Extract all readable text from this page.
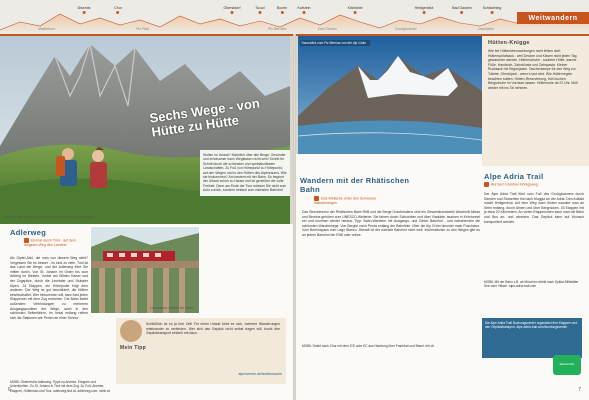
Disentis	Chur	Oberstdorf	Scuol	Bozen	Kufstein	Kitzbühel	Heiligenblut	Bad Gastein	Schladming
Matterhorn	Piz Palü	Piz Bernina	Drei Zinnen	Großglockner	Dachstein
Weitwandern
Sechs Wege - von Hütte zu Hütte
Wollen im Urlaub? Natürlich über alle Berge: Gesünder und erholsamer kann Weglassen nicht sein! Schritt für Schritt durch die schönsten und spektakulärsten Landschaften. Zu Fuß von Höhepunkt zu Höhepunkt, auf den Wegen und in den Hütten des Alpenraums. Wie sie hinkommen? Am bestem mit der Bahn. So beginnt der Urlaub schon zu Hause und ist genießen die volle Freiheit. Denn am Ende der Tour müssen Sie nicht zum Auto zurück, sondern einfach zum nächsten Bahnhof.
Blick auf dem Adlerweg unter der Goldkrone des Kaisergebirges
Adlerweg
Einmal durch Tirol - auf dem längsten Weg des Landes!
Als Gipfel-Zahl, die man von diesem Weg sieht? Vergessen Sie es besser - es sind zu viele. Tirol ist das Land der Berge, und der Adlerweg führt Sie mitten durch. Von St. Johann im Osten bis zum Arlberg im Westen. Vorbei am Wilden Kaiser und der Zugspitze, durch die Lechtaler und Stubaier Alpen. 24 Etappen, ein Höhepunkt folgt dem anderen. Der Weg ist gut beschildert, die Hütten bewirtschaftet. Wer hinkommen will, kann fast jeden Etappenort mit dem Zug erreichen. Die Bahn bietet außerdem Verbindungen zu mehreren Ausgangspunkten der Wege, auch in den schönsten Seitentälern. Im Inntal entlang reihen sich die Stationen wie Perlen an einer Schnur.
MOBIL Österreichs Adlerweg: Tipps zu Anreise, Etappen und Unterkünften. Zu St. Johann in Tirol mit dem Zug. Zu Fuß: Anreise, Etappen, Hüttenbau und Tour. adlerweg.tirol.at, adlerweg.com, oebb.at
Landwasser-Viadukt bei Filisur
Mein Tipp
Schließlich ist es ja Ihre Zeit! Für einen Urlaub lohnt es sich, mehrere Wanderungen miteinander zu verbinden. Wer sich das Gepäck nicht selbst tragen will, bucht den Gepäcktransport einfach mit dazu.
alpenverein.de/huettensuche
6
Traumblick zum Piz Bernina von der Alp Grüm	Hütten-Knigge
Wie bei Hüttenübernachtungen nicht fehlen darf: Hüttenschlafsack - weil Decken und Kissen nicht jeden Tag gewaschen werden. Hüttenschuhe - saubere Hütte, warme Füße. Handtuch, Zahnbürste und Zahnpasta. Kleiner Rucksack mit Regenjacke. Taschenlampe für den Weg zur Toilette. Ohrstöpsel - wenn's laut wird. Wie Hüttenregeln beachten sollten: Hütten-Reservierung, früh buchen. Bergschuhe im Vorraum lassen. Hüttenruhe ab 22 Uhr. Müll wieder mit ins Tal nehmen.
Wandern mit der Rhätischen Bahn
Das Welterbe unter den Schweizer Wanderwegen
Das Streckennetz der Rhätischen Bahn RhB und die Berge Graubündens sind ein Gesamtkunstwerk! Abschnitt Albula und Bernina gehören zum UNESCO-Welterbe. Sie fahren durch Schluchten und über Viadukte, tauchen in Kehrtunnel ein und kommen wieder heraus. Tipp: Bahn-Wandern mit Ausgangs- und Zielort Bahnhof - und zwischendrin die schönsten Wanderwege. Von Bergün nach Preda entlang der Bahnlinie. Über die Alp Grüm hinunter nach Poschiavo. Vom Berninapass zum Lago Bianco. Überall ist der nächste Bahnhof nicht weit. Informationen zu den Wegen gibt es an jedem Bahnhof der RhB oder online.
MOBIL Direkt nach Chur mit dem ICE oder EC aus Hamburg über Frankfurt und Basel. rhb.ch
Alpe Adria Trail
Auf dem Kärntner Königsweg
Der Alpe Adria Trail führt vom Fuß des Großglockners durch Kärnten und Slowenien bis nach Muggia an der Adria. Den Auftakt macht Heiligenblut. Auf dem Weg nach Süden wandert man an Seen entlang, durch Almen und über Bergrücken. 43 Etappen mit je etwa 20 Kilometern. An vielen Etappenorten kann man mit Bahn und Bus an- und abreisen. Das Gepäck kann auf Wunsch transportiert werden.
MOBIL Mit der Bahn z.B. ab München direkt nach Spittal-Millstätter See oder Villach. alpe-adria-trail.com
Die Alpe Adria Trail Buchungscenter organisiert Ihre Etappen und den Gepäcktransport. alpe-adria-trail.com/buchungscenter
Wanderbar
7
